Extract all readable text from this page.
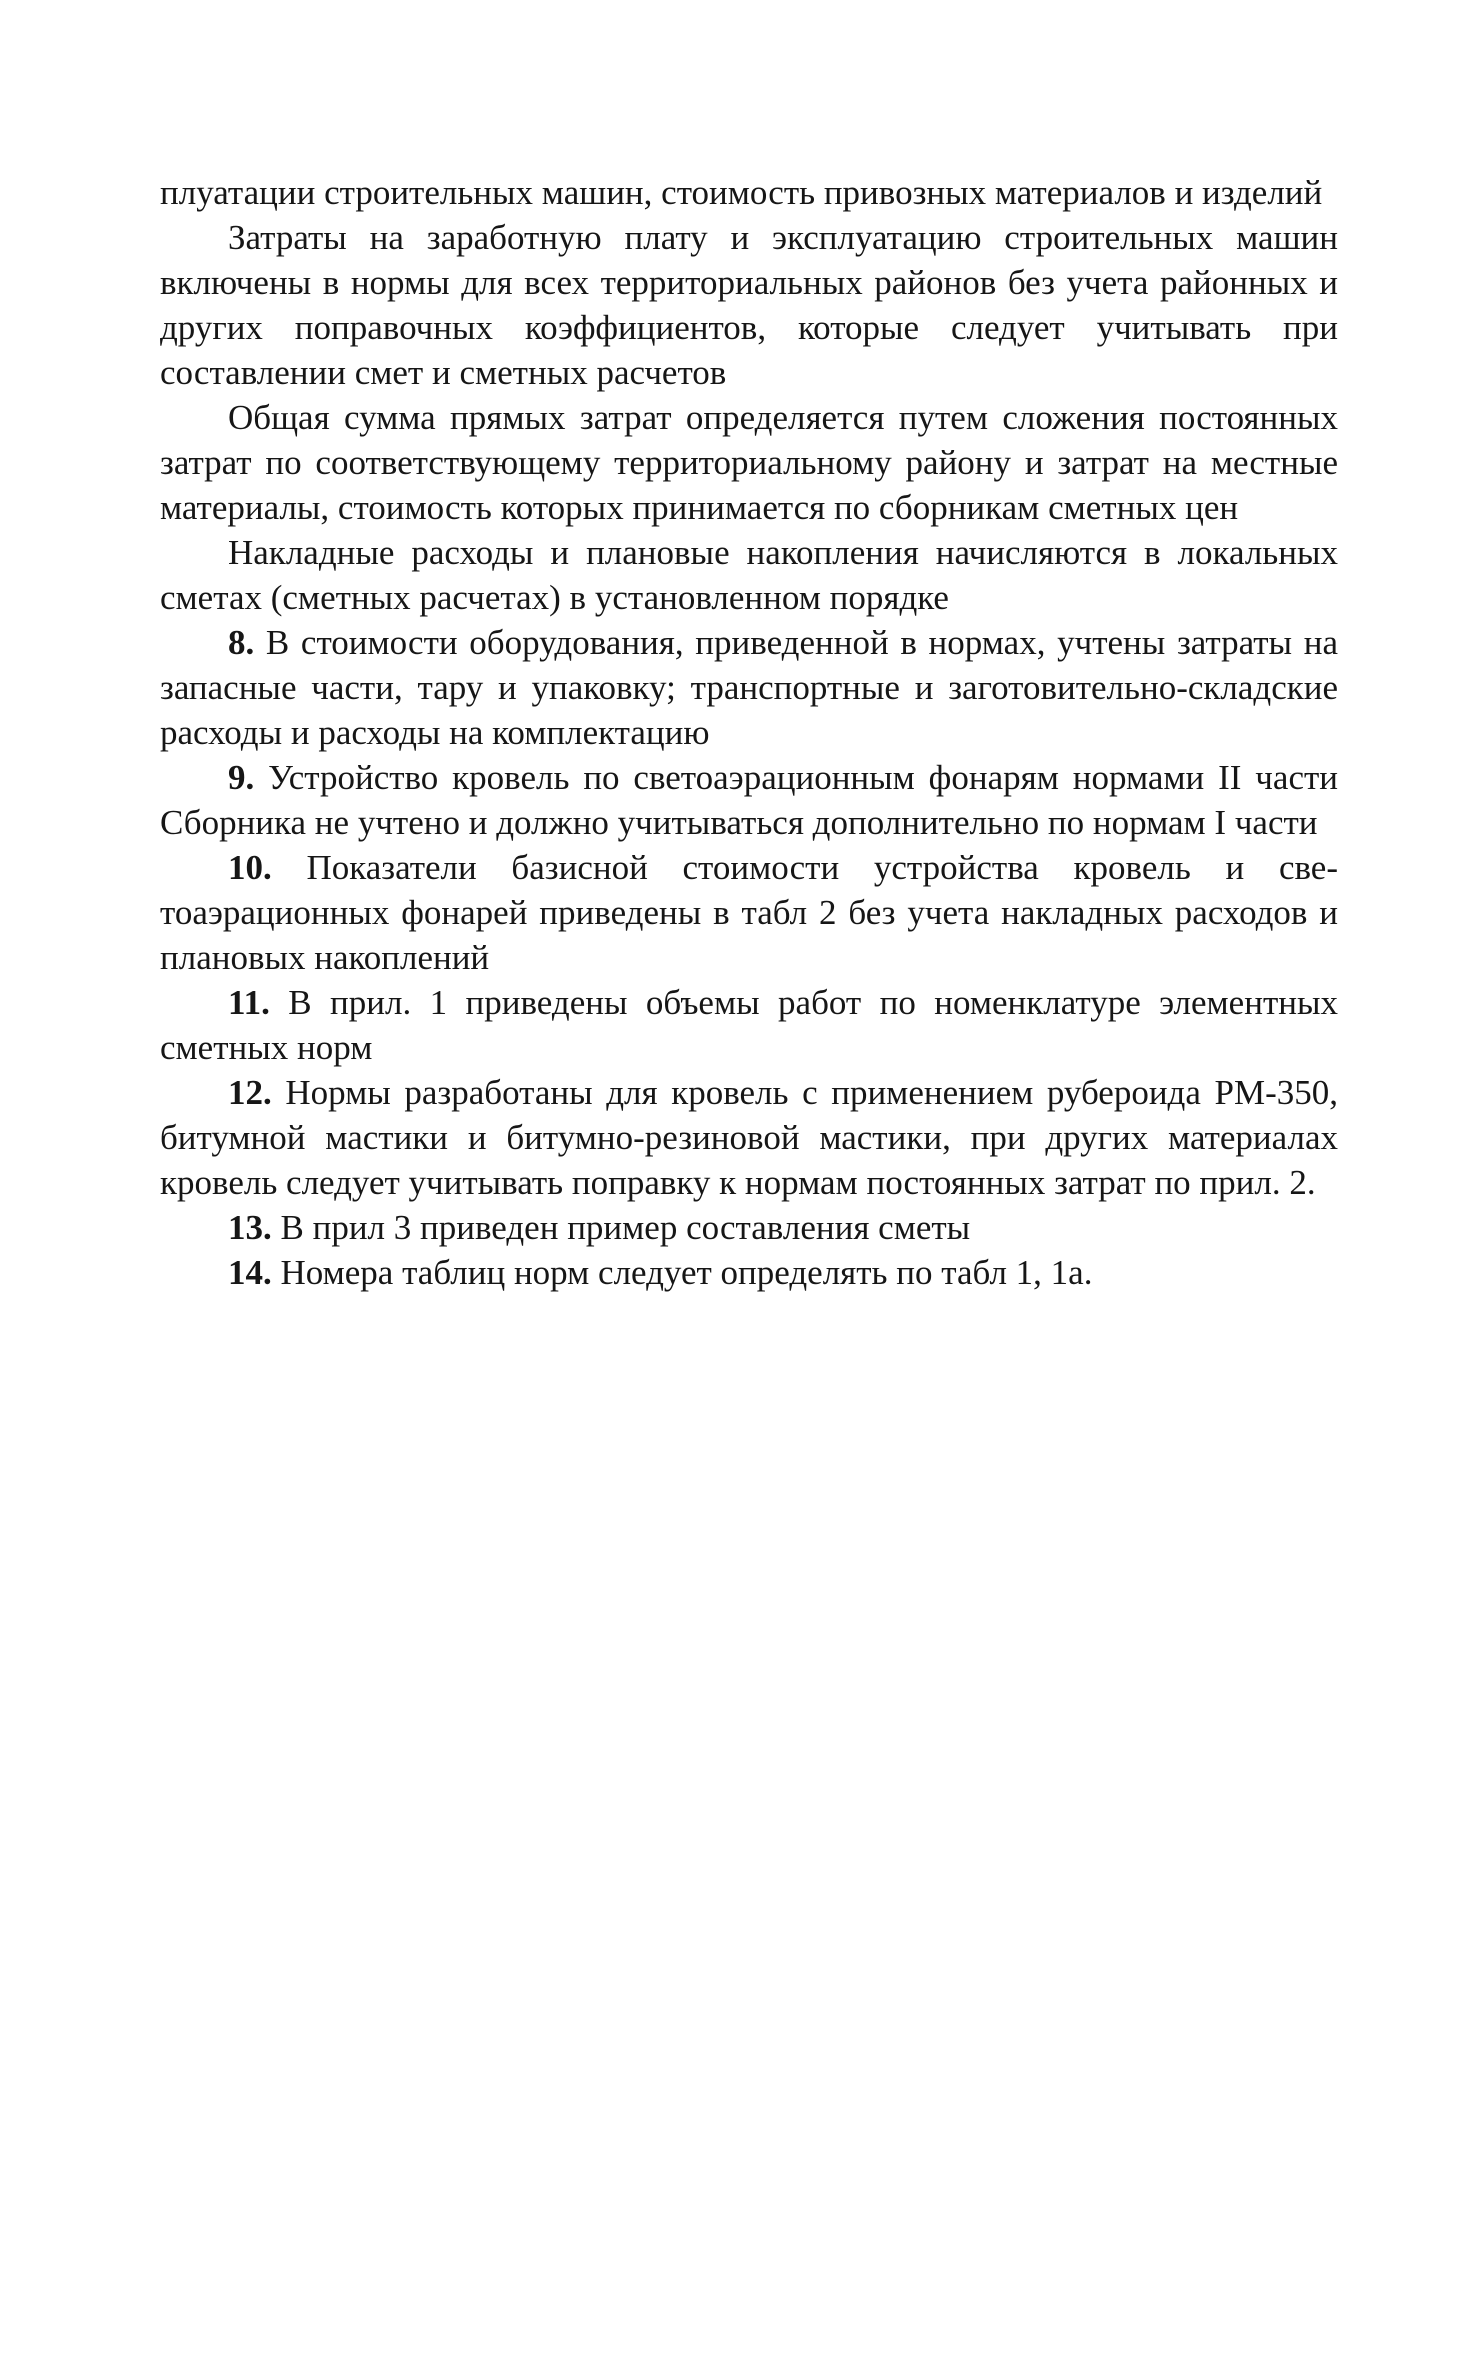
плуатации строительных машин, стоимость привозных материалов и изделий

Затраты на заработную плату и эксплуатацию строительных машин включены в нормы для всех территориальных районов без учета районных и других поправочных коэффициентов, которые следует учитывать при составлении смет и сметных расчетов

Общая сумма прямых затрат определяется путем сложения постоянных затрат по соответствующему территориальному району и затрат на местные материалы, стоимость которых принимается по сборникам сметных цен

Накладные расходы и плановые накопления начисляются в локальных сметах (сметных расчетах) в установленном порядке

8. В стоимости оборудования, приведенной в нормах, учтены затраты на запасные части, тару и упаковку; транспортные и заготовительно-складские расходы и расходы на комплектацию

9. Устройство кровель по светоаэрационным фонарям нормами II части Сборника не учтено и должно учитываться дополнительно по нормам I части

10. Показатели базисной стоимости устройства кровель и светоаэрационных фонарей приведены в табл 2 без учета накладных расходов и плановых накоплений

11. В прил. 1 приведены объемы работ по номенклатуре элементных сметных норм

12. Нормы разработаны для кровель с применением рубероида РМ-350, битумной мастики и битумно-резиновой мастики, при других материалах кровель следует учитывать поправку к нормам постоянных затрат по прил. 2.

13. В прил 3 приведен пример составления сметы

14. Номера таблиц норм следует определять по табл 1, 1а.
